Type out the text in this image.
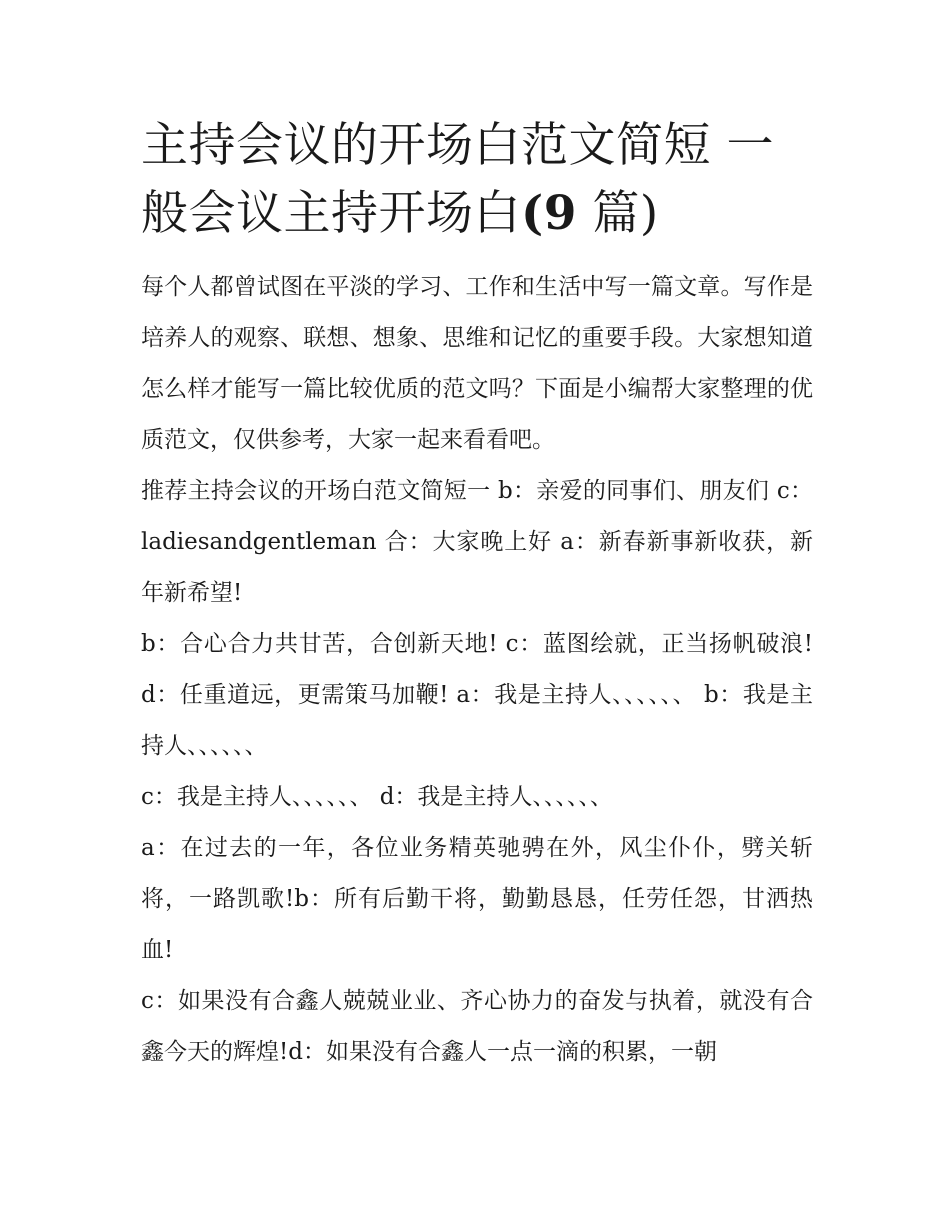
主持会议的开场白范文简短 一
般会议主持开场白(9 篇)

每个人都曾试图在平淡的学习、工作和生活中写一篇文章。写作是培养人的观察、联想、想象、思维和记忆的重要手段。大家想知道怎么样才能写一篇比较优质的范文吗？下面是小编帮大家整理的优质范文，仅供参考，大家一起来看看吧。

推荐主持会议的开场白范文简短一 b：亲爱的同事们、朋友们 c：ladiesandgentleman 合：大家晚上好 a：新春新事新收获，新年新希望!

b：合心合力共甘苦，合创新天地! c：蓝图绘就，正当扬帆破浪! d：任重道远，更需策马加鞭! a：我是主持人、、、、、、 b：我是主持人、、、、、、

c：我是主持人、、、、、、 d：我是主持人、、、、、、

a：在过去的一年，各位业务精英驰骋在外，风尘仆仆，劈关斩将，一路凯歌!b：所有后勤干将，勤勤恳恳，任劳任怨，甘洒热血!

c：如果没有合鑫人兢兢业业、齐心协力的奋发与执着，就没有合鑫今天的辉煌!d：如果没有合鑫人一点一滴的积累，一朝
